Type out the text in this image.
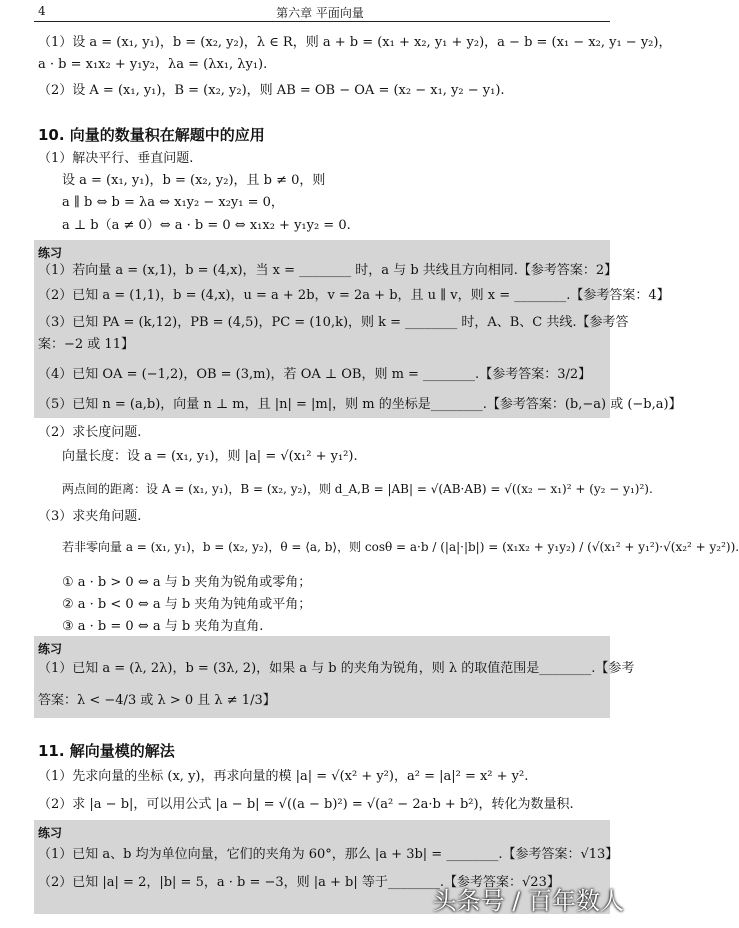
4	第六章 平面向量
（1）设 a = (x₁, y₁)，b = (x₂, y₂)，λ ∈ R，则 a + b = (x₁ + x₂, y₁ + y₂)，a − b = (x₁ − x₂, y₁ − y₂)，
a · b = x₁x₂ + y₁y₂，λa = (λx₁, λy₁).
（2）设 A = (x₁, y₁)，B = (x₂, y₂)，则 AB = OB − OA = (x₂ − x₁, y₂ − y₁).
10. 向量的数量积在解题中的应用
（1）解决平行、垂直问题.
设 a = (x₁, y₁)，b = (x₂, y₂)，且 b ≠ 0，则
a ∥ b ⇔ b = λa ⇔ x₁y₂ − x₂y₁ = 0，
a ⊥ b（a ≠ 0）⇔ a · b = 0 ⇔ x₁x₂ + y₁y₂ = 0.
练习
（1）若向量 a = (x,1)，b = (4,x)，当 x = ________ 时，a 与 b 共线且方向相同.【参考答案：2】
（2）已知 a = (1,1)，b = (4,x)，u = a + 2b，v = 2a + b，且 u ∥ v，则 x = ________.【参考答案：4】
（3）已知 PA = (k,12)，PB = (4,5)，PC = (10,k)，则 k = ________ 时，A、B、C 共线.【参考答
案：−2 或 11】
（4）已知 OA = (−1,2)，OB = (3,m)，若 OA ⊥ OB，则 m = ________.【参考答案：3/2】
（5）已知 n = (a,b)，向量 n ⊥ m，且 |n| = |m|，则 m 的坐标是________.【参考答案：(b,−a) 或 (−b,a)】
（2）求长度问题.
向量长度：设 a = (x₁, y₁)，则 |a| = √(x₁² + y₁²).
两点间的距离：设 A = (x₁, y₁)，B = (x₂, y₂)，则 d_A,B = |AB| = √(AB·AB) = √((x₂ − x₁)² + (y₂ − y₁)²).
（3）求夹角问题.
若非零向量 a = (x₁, y₁)，b = (x₂, y₂)，θ = ⟨a, b⟩，则 cosθ = a·b / (|a|·|b|) = (x₁x₂ + y₁y₂) / (√(x₁² + y₁²)·√(x₂² + y₂²)).
① a · b > 0 ⇔ a 与 b 夹角为锐角或零角；
② a · b < 0 ⇔ a 与 b 夹角为钝角或平角；
③ a · b = 0 ⇔ a 与 b 夹角为直角.
练习
（1）已知 a = (λ, 2λ)，b = (3λ, 2)，如果 a 与 b 的夹角为锐角，则 λ 的取值范围是________.【参考
答案：λ < −4/3 或 λ > 0 且 λ ≠ 1/3】
11. 解向量模的解法
（1）先求向量的坐标 (x, y)，再求向量的模 |a| = √(x² + y²)，a² = |a|² = x² + y².
（2）求 |a − b|，可以用公式 |a − b| = √((a − b)²) = √(a² − 2a·b + b²)，转化为数量积.
练习
（1）已知 a、b 均为单位向量，它们的夹角为 60°，那么 |a + 3b| = ________.【参考答案：√13】
（2）已知 |a| = 2，|b| = 5，a · b = −3，则 |a + b| 等于________.【参考答案：√23】
头条号 / 百年数人
